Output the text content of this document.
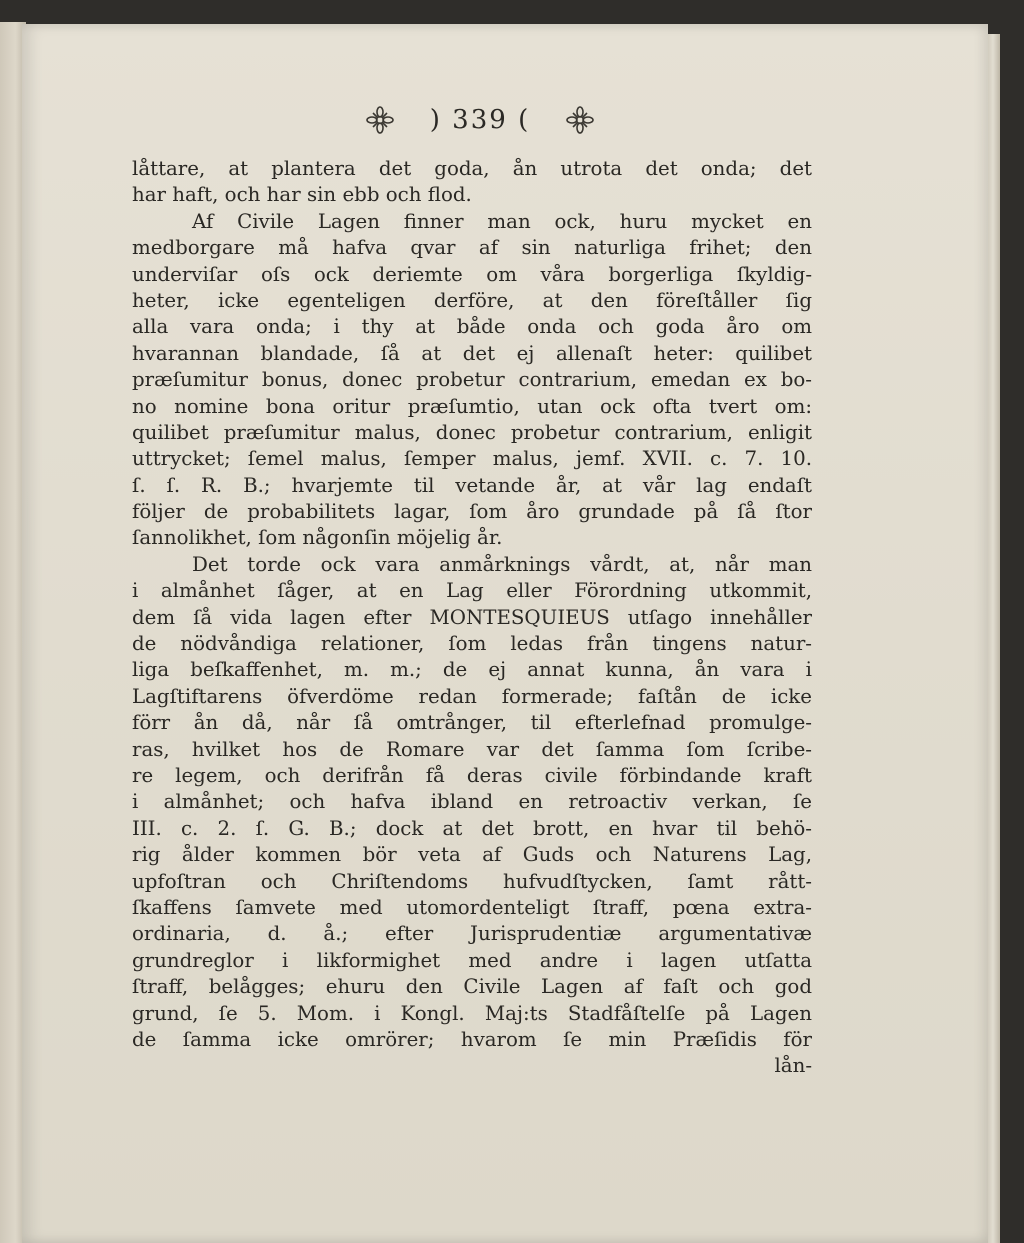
) 339 (
låttare, at plantera det goda, ån utrota det onda; det
har haft, och har sin ebb och flod.
Af Civile Lagen finner man ock, huru mycket en
medborgare må hafva qvar af sin naturliga frihet; den
underviſar oſs ock deriemte om våra borgerliga ſkyldig-
heter, icke egenteligen derföre, at den föreſtåller ſig
alla vara onda; i thy at både onda och goda åro om
hvarannan blandade, ſå at det ej allenaſt heter: quilibet
præſumitur bonus, donec probetur contrarium, emedan ex bo-
no nomine bona oritur præſumtio, utan ock ofta tvert om:
quilibet præſumitur malus, donec probetur contrarium, enligit
uttrycket; ſemel malus, ſemper malus, jemf. XVII. c. 7. 10.
ſ. ſ. R. B.; hvarjemte til vetande år, at vår lag endaſt
följer de probabilitets lagar, ſom åro grundade på ſå ſtor
ſannolikhet, ſom någonſin möjelig år.
Det torde ock vara anmårknings vårdt, at, når man
i almånhet ſåger, at en Lag eller Förordning utkommit,
dem ſå vida lagen efter MONTESQUIEUS utſago innehåller
de nödvåndiga relationer, ſom ledas från tingens natur-
liga beſkaffenhet, m. m.; de ej annat kunna, ån vara i
Lagſtiftarens öfverdöme redan formerade; faſtån de icke
förr ån då, når ſå omtrånger, til efterlefnad promulge-
ras, hvilket hos de Romare var det ſamma ſom ſcribe-
re legem, och derifrån få deras civile förbindande kraft
i almånhet; och hafva ibland en retroactiv verkan, ſe
III. c. 2. ſ. G. B.; dock at det brott, en hvar til behö-
rig ålder kommen bör veta af Guds och Naturens Lag,
upfoſtran och Chriſtendoms hufvudſtycken, ſamt rått-
ſkaffens ſamvete med utomordenteligt ſtraff, pœna extra-
ordinaria, d. å.; efter Jurisprudentiæ argumentativæ
grundreglor i likformighet med andre i lagen utſatta
ſtraff, belågges; ehuru den Civile Lagen af faſt och god
grund, ſe 5. Mom. i Kongl. Maj:ts Stadfåſtelſe på Lagen
de ſamma icke omrörer; hvarom ſe min Præſidis för
lån-
